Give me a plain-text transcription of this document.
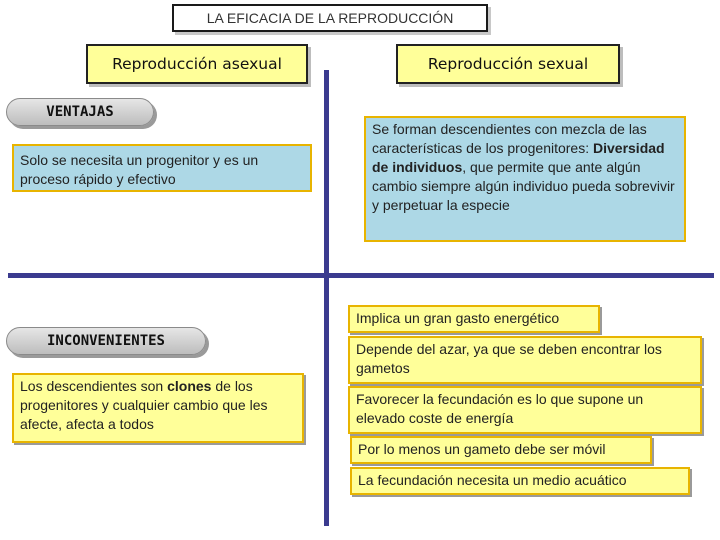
LA EFICACIA DE LA REPRODUCCIÓN
Reproducción asexual	Reproducción sexual
VENTAJAS
Solo se necesita un progenitor y es un proceso rápido y efectivo
Se forman descendientes con mezcla de las características de los progenitores: Diversidad de individuos, que permite que ante algún cambio siempre algún individuo pueda sobrevivir y perpetuar la especie
INCONVENIENTES
Los descendientes son clones de los progenitores y cualquier cambio que les afecte, afecta a todos
Implica un gran gasto energético
Depende del azar, ya que se deben encontrar los gametos
Favorecer la fecundación es lo que supone un elevado coste de energía
Por lo menos un gameto debe ser móvil
La fecundación necesita un medio acuático
